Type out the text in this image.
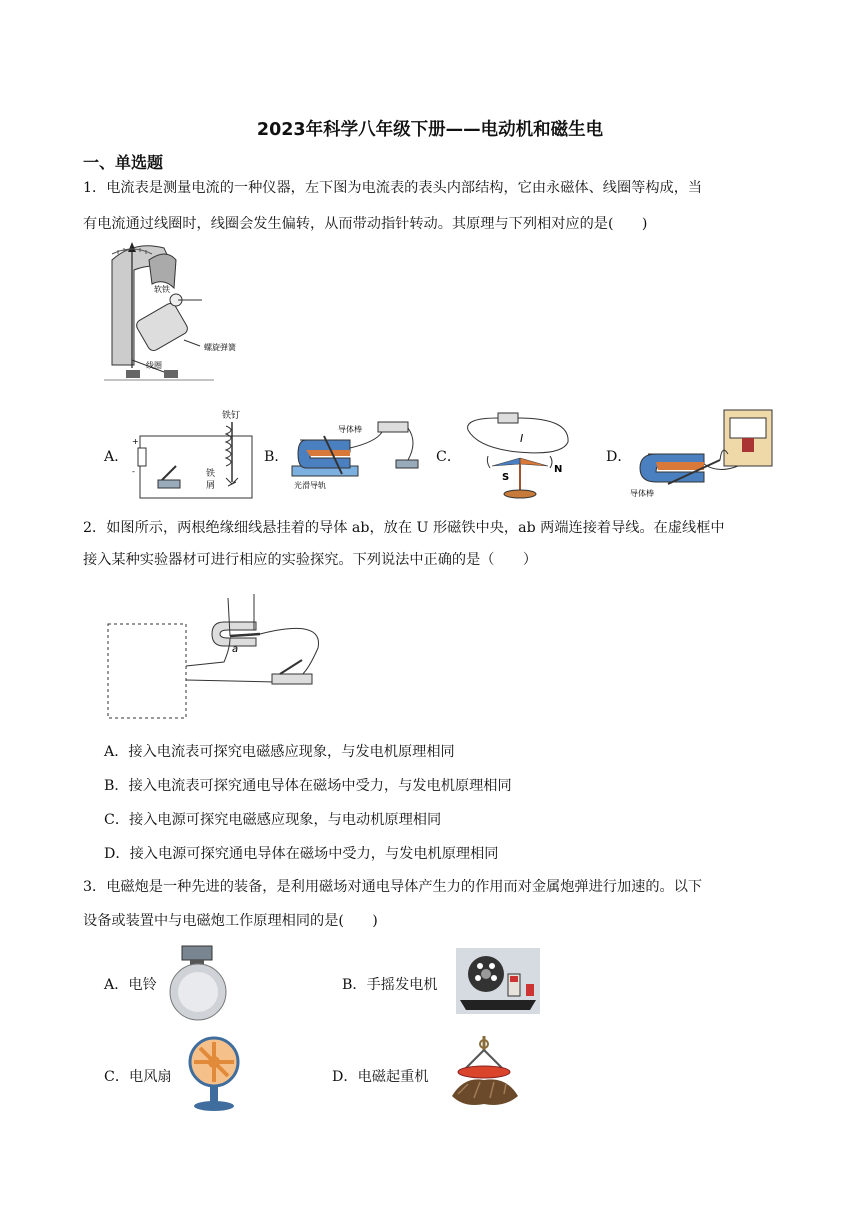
2023年科学八年级下册——电动机和磁生电
一、单选题
1．电流表是测量电流的一种仪器，左下图为电流表的表头内部结构，它由永磁体、线圈等构成，当
有电流通过线圈时，线圈会发生偏转，从而带动指针转动。其原理与下列相对应的是(　　)
软铁
螺旋弹簧
线圈
A．
+
-
铁钉
铁
屑
B．
导体棒
光滑导轨
C．
I
S
N
D．
导体棒
2．如图所示，两根绝缘细线悬挂着的导体 ab，放在 U 形磁铁中央，ab 两端连接着导线。在虚线框中
接入某种实验器材可进行相应的实验探究。下列说法中正确的是（　　）
a
A．接入电流表可探究电磁感应现象，与发电机原理相同
B．接入电流表可探究通电导体在磁场中受力，与发电机原理相同
C．接入电源可探究电磁感应现象，与电动机原理相同
D．接入电源可探究通电导体在磁场中受力，与发电机原理相同
3．电磁炮是一种先进的装备，是利用磁场对通电导体产生力的作用而对金属炮弹进行加速的。以下
设备或装置中与电磁炮工作原理相同的是(　　)
A．电铃	B．手摇发电机
C．电风扇	D．电磁起重机
